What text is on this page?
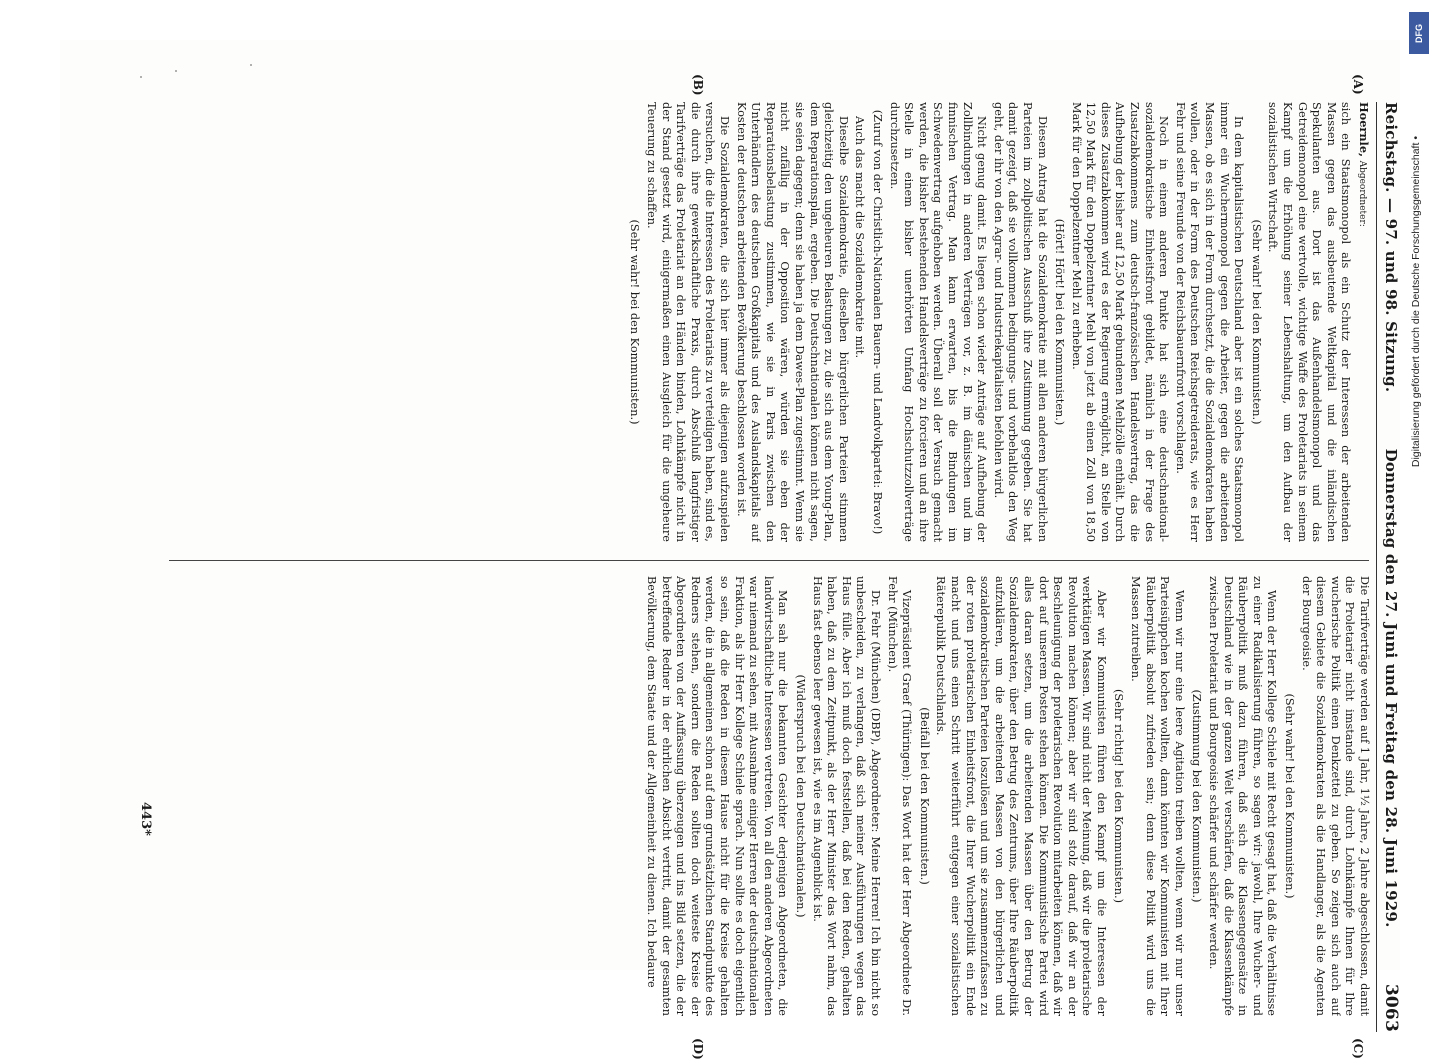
Reichstag. — 97. und 98. Sitzung.
Donnerstag den 27. Juni und Freitag den 28. Juni 1929.
3063
(A)
(B)
(C)
(D)

Hoernle, Abgeordneter:

sich ein Staatsmonopol als ein Schutz der Interessen der arbeitenden Massen gegen das ausbeutende Weltkapital und die inländischen Spekulanten aus. Dort ist das Außenhandelsmonopol und das Getreidemonopol eine wertvolle, wichtige Waffe des Proletariats in seinem Kampf um die Erhöhung seiner Lebenshaltung, um den Aufbau der sozialistischen Wirtschaft.

(Sehr wahr! bei den Kommunisten.)

In dem kapitalistischen Deutschland aber ist ein solches Staatsmonopol immer ein Wuchermonopol gegen die Arbeiter, gegen die arbeitenden Massen, ob es sich in der Form durchsetzt, die die Sozialdemokraten haben wollen, oder in der Form des Deutschen Reichsgetreiderats, wie es Herr Fehr und seine Freunde von der Reichsbauernfront vorschlagen.

Noch in einem anderen Punkte hat sich eine deutschnational-sozialdemokratische Einheitsfront gebildet, nämlich in der Frage des Zusatzabkommens zum deutsch-französischen Handelsvertrag, das die Aufhebung der bisher auf 12,50 Mark gebundenen Mehlzölle enthält. Durch dieses Zusatzabkommen wird es der Regierung ermöglicht, an Stelle von 12,50 Mark für den Doppelzentner Mehl von jetzt ab einen Zoll von 18,50 Mark für den Doppelzentner Mehl zu erheben.

(Hört! Hört! bei den Kommunisten.)

Diesem Antrag hat die Sozialdemokratie mit allen anderen bürgerlichen Parteien im zollpolitischen Ausschuß ihre Zustimmung gegeben. Sie hat damit gezeigt, daß sie vollkommen bedingungs- und vorbehaltlos den Weg geht, der ihr von den Agrar- und Industriekapitalisten befohlen wird.

Nicht genug damit. Es liegen schon wieder Anträge auf Aufhebung der Zollbindungen in anderen Verträgen vor, z. B. im dänischen und im finnischen Vertrag. Man kann erwarten, bis die Bindungen im Schwedenvertrag aufgehoben werden. Überall soll der Versuch gemacht werden, die bisher bestehenden Handelsverträge zu forcieren und an ihre Stelle in einem bisher unerhörten Umfang Hochschutzzollverträge durchzusetzen.

(Zuruf von der Christlich-Nationalen Bauern- und Landvolkpartei: Bravo!)

Auch das macht die Sozialdemokratie mit.

Dieselbe Sozialdemokratie, dieselben bürgerlichen Parteien stimmen gleichzeitig den ungeheuren Belastungen zu, die sich aus dem Young-Plan, dem Reparationsplan, ergeben. Die Deutschnationalen können nicht sagen, sie seien dagegen; denn sie haben ja dem Dawes-Plan zugestimmt. Wenn sie nicht zufällig in der Opposition wären, würden sie eben der Reparationsbelastung zustimmen, wie sie in Paris zwischen den Unterhändlern des deutschen Großkapitals und des Auslandskapitals auf Kosten der deutschen arbeitenden Bevölkerung beschlossen worden ist.

Die Sozialdemokraten, die sich hier immer als diejenigen aufzuspielen versuchen, die die Interessen des Proletariats zu verteidigen haben, sind es, die durch ihre gewerkschaftliche Praxis, durch Abschluß langfristiger Tarifverträge das Proletariat an den Händen binden, Lohnkämpfe nicht in der Stand gesetzt wird, einigermaßen einen Ausgleich für die ungeheure Teuerung zu schaffen.

(Sehr wahr! bei den Kommunisten.)

Die Tarifverträge werden auf 1 Jahr, 1½ Jahre, 2 Jahre abgeschlossen, damit die Proletarier nicht imstande sind, durch Lohnkämpfe Ihnen für Ihre wucherische Politik einen Denkzettel zu geben. So zeigen sich auch auf diesem Gebiete die Sozialdemokraten als die Handlanger, als die Agenten der Bourgeoisie.

(Sehr wahr! bei den Kommunisten.)

Wenn der Herr Kollege Schiele mit Recht gesagt hat, daß die Verhältnisse zu einer Radikalisierung führen, so sagen wir: jawohl, Ihre Wucher- und Räuberpolitik muß dazu führen, daß sich die Klassengegensätze in Deutschland wie in der ganzen Welt verschärfen, daß die Klassenkämpfe zwischen Proletariat und Bourgeoisie schärfer und schärfer werden.

(Zustimmung bei den Kommunisten.)

Wenn wir nur eine leere Agitation treiben wollten, wenn wir nur unser Parteisüppchen kochen wollten, dann könnten wir Kommunisten mit Ihrer Räuberpolitik absolut zufrieden sein; denn diese Politik wird uns die Massen zutreiben.

(Sehr richtig! bei den Kommunisten.)

Aber wir Kommunisten führen den Kampf um die Interessen der werktätigen Massen. Wir sind nicht der Meinung, daß wir die proletarische Revolution machen können; aber wir sind stolz darauf, daß wir an der Beschleunigung der proletarischen Revolution mitarbeiten können, daß wir dort auf unserem Posten stehen können. Die Kommunistische Partei wird alles daran setzen, um die arbeitenden Massen über den Betrug der Sozialdemokraten, über den Betrug des Zentrums, über Ihre Räuberpolitik aufzuklären, um die arbeitenden Massen von den bürgerlichen und sozialdemokratischen Parteien loszulösen und um sie zusammenzufassen zu der roten proletarischen Einheitsfront, die Ihrer Wucherpolitik ein Ende macht und uns einen Schritt weiterführt entgegen einer sozialistischen Räterepublik Deutschlands.

(Beifall bei den Kommunisten.)

Vizepräsident Graef (Thüringen): Das Wort hat der Herr Abgeordnete Dr. Fehr (München).

Dr. Fehr (München) (DBP), Abgeordneter: Meine Herren! Ich bin nicht so unbescheiden, zu verlangen, daß sich meiner Ausführungen wegen das Haus fülle. Aber ich muß doch feststellen, daß bei den Reden, gehalten haben, daß zu dem Zeitpunkt, als der Herr Minister das Wort nahm, das Haus fast ebenso leer gewesen ist, wie es im Augenblick ist.

(Widerspruch bei den Deutschnationalen.)

Man sah nur die bekannten Gesichter derjenigen Abgeordneten, die landwirtschaftliche Interessen vertreten. Von all den anderen Abgeordneten war niemand zu sehen, mit Ausnahme einiger Herren der deutschnationalen Fraktion, als ihr Herr Kollege Schiele sprach. Nun sollte es doch eigentlich so sein, daß die Reden in diesem Hause nicht für die Kreise gehalten werden, die in allgemeinen schon auf dem grundsätzlichen Standpunkte des Redners stehen, sondern die Reden sollten doch weiteste Kreise der Abgeordneten von der Auffassung überzeugen und ins Bild setzen, die der betreffende Redner in der ehrlichen Absicht vertritt, damit der gesamten Bevölkerung, dem Staate und der Allgemeinheit zu dienen. Ich bedaure

443*
DFG
Digitalisierung gefördert durch die Deutsche Forschungsgemeinschaft •
